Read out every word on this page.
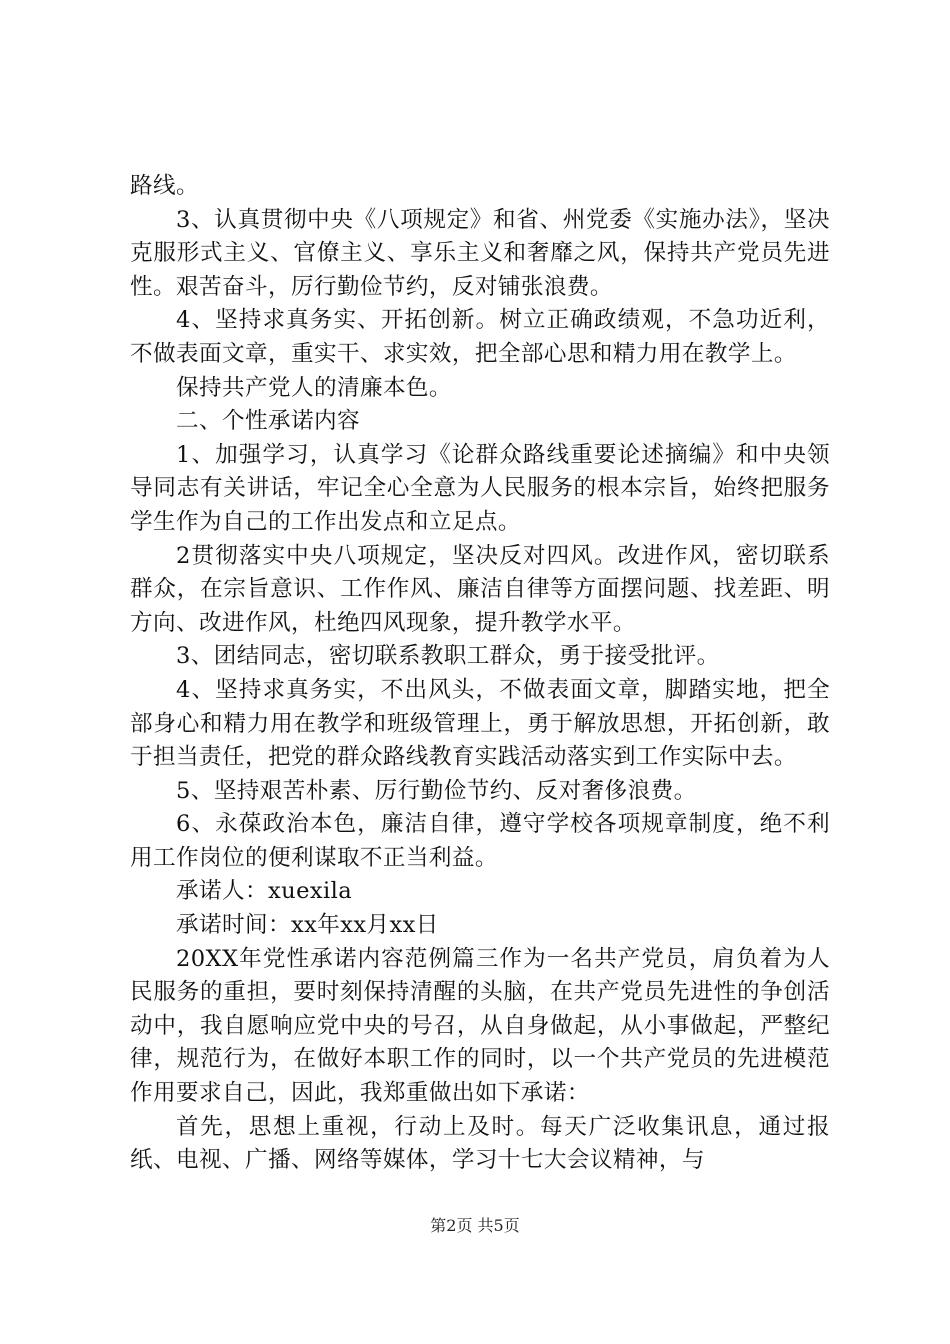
路线。

3、认真贯彻中央《八项规定》和省、州党委《实施办法》，坚决克服形式主义、官僚主义、享乐主义和奢靡之风，保持共产党员先进性。艰苦奋斗，厉行勤俭节约，反对铺张浪费。

4、坚持求真务实、开拓创新。树立正确政绩观，不急功近利，不做表面文章，重实干、求实效，把全部心思和精力用在教学上。

保持共产党人的清廉本色。

二、个性承诺内容

1、加强学习，认真学习《论群众路线重要论述摘编》和中央领导同志有关讲话，牢记全心全意为人民服务的根本宗旨，始终把服务学生作为自己的工作出发点和立足点。

2贯彻落实中央八项规定，坚决反对四风。改进作风，密切联系群众，在宗旨意识、工作作风、廉洁自律等方面摆问题、找差距、明方向、改进作风，杜绝四风现象，提升教学水平。

3、团结同志，密切联系教职工群众，勇于接受批评。

4、坚持求真务实，不出风头，不做表面文章，脚踏实地，把全部身心和精力用在教学和班级管理上，勇于解放思想，开拓创新，敢于担当责任，把党的群众路线教育实践活动落实到工作实际中去。

5、坚持艰苦朴素、厉行勤俭节约、反对奢侈浪费。

6、永葆政治本色，廉洁自律，遵守学校各项规章制度，绝不利用工作岗位的便利谋取不正当利益。

承诺人：xuexila

承诺时间：xx年xx月xx日

20XX年党性承诺内容范例篇三作为一名共产党员，肩负着为人民服务的重担，要时刻保持清醒的头脑，在共产党员先进性的争创活动中，我自愿响应党中央的号召，从自身做起，从小事做起，严整纪律，规范行为，在做好本职工作的同时，以一个共产党员的先进模范作用要求自己，因此，我郑重做出如下承诺：

首先，思想上重视，行动上及时。每天广泛收集讯息，通过报纸、电视、广播、网络等媒体，学习十七大会议精神，与

第2页 共5页
